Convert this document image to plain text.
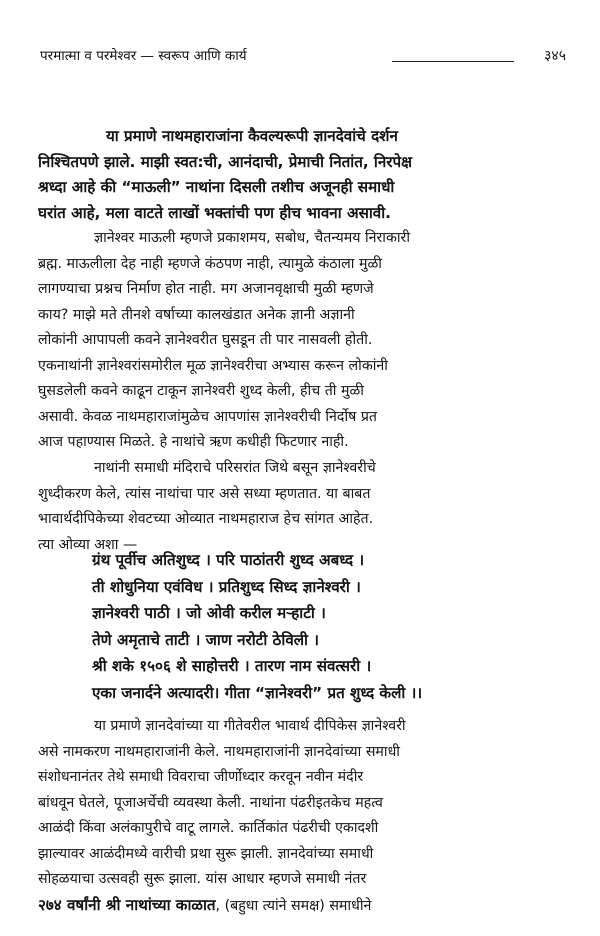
परमात्मा व परमेश्वर — स्वरूप आणि कार्य	३४५
या प्रमाणे नाथमहाराजांना कैवल्यरूपी ज्ञानदेवांचे दर्शन
निश्चितपणे झाले. माझी स्वत:ची, आनंदाची, प्रेमाची नितांत, निरपेक्ष
श्रध्दा आहे की “माऊली” नाथांना दिसली तशीच अजूनही समाधी
घरांत आहे, मला वाटते लाखों भक्तांची पण हीच भावना असावी.
ज्ञानेश्वर माऊली म्हणजे प्रकाशमय, सबोध, चैतन्यमय निराकारी
ब्रह्म. माऊलीला देह नाही म्हणजे कंठपण नाही, त्यामुळे कंठाला मुळी
लागण्याचा प्रश्नच निर्माण होत नाही. मग अजानवृक्षाची मुळी म्हणजे
काय? माझे मते तीनशे वर्षाच्या कालखंडात अनेक ज्ञानी अज्ञानी
लोकांनी आपापली कवने ज्ञानेश्वरीत घुसडून ती पार नासवली होती.
एकनाथांनी ज्ञानेश्वरांसमोरील मूळ ज्ञानेश्वरीचा अभ्यास करून लोकांनी
घुसडलेली कवने काढून टाकून ज्ञानेश्वरी शुध्द केली, हीच ती मुळी
असावी. केवळ नाथमहाराजांमुळेच आपणांस ज्ञानेश्वरीची निर्दोष प्रत
आज पहाण्यास मिळते. हे नाथांचे ऋण कधीही फिटणार नाही.
नाथांनी समाधी मंदिराचे परिसरांत जिथे बसून ज्ञानेश्वरीचे
शुध्दीकरण केले, त्यांस नाथांचा पार असे सध्या म्हणतात. या बाबत
भावार्थदीपिकेच्या शेवटच्या ओव्यात नाथमहाराज हेच सांगत आहेत.
त्या ओव्या अशा —
ग्रंथ पूर्वीच अतिशुध्द । परि पाठांतरी शुध्द अबध्द ।
ती शोधुनिया एवंविध । प्रतिशुध्द सिध्द ज्ञानेश्वरी ।
ज्ञानेश्वरी पाठी । जो ओवी करील मऱ्हाटी ।
तेणे अमृताचे ताटी । जाण नरोटी ठेविली ।
श्री शके १५०६ शे साहोत्तरी । तारण नाम संवत्सरी ।
एका जनार्दने अत्यादरी। गीता “ज्ञानेश्वरी” प्रत शुध्द केली ।।
या प्रमाणे ज्ञानदेवांच्या या गीतेवरील भावार्थ दीपिकेस ज्ञानेश्वरी
असे नामकरण नाथमहाराजांनी केले. नाथमहाराजांनी ज्ञानदेवांच्या समाधी
संशोधनानंतर तेथे समाधी विवराचा जीर्णोध्दार करवून नवीन मंदीर
बांधवून घेतले, पूजाअर्चेची व्यवस्था केली. नाथांना पंढरीइतकेच महत्व
आळंदी किंवा अलंकापुरीचे वाटू लागले. कार्तिकांत पंढरीची एकादशी
झाल्यावर आळंदीमध्ये वारीची प्रथा सुरू झाली. ज्ञानदेवांच्या समाधी
सोहळयाचा उत्सवही सुरू झाला. यांस आधार म्हणजे समाधी नंतर
२७४ वर्षांनी श्री नाथांच्या काळात, (बहुधा त्यांने समक्ष) समाधीने
